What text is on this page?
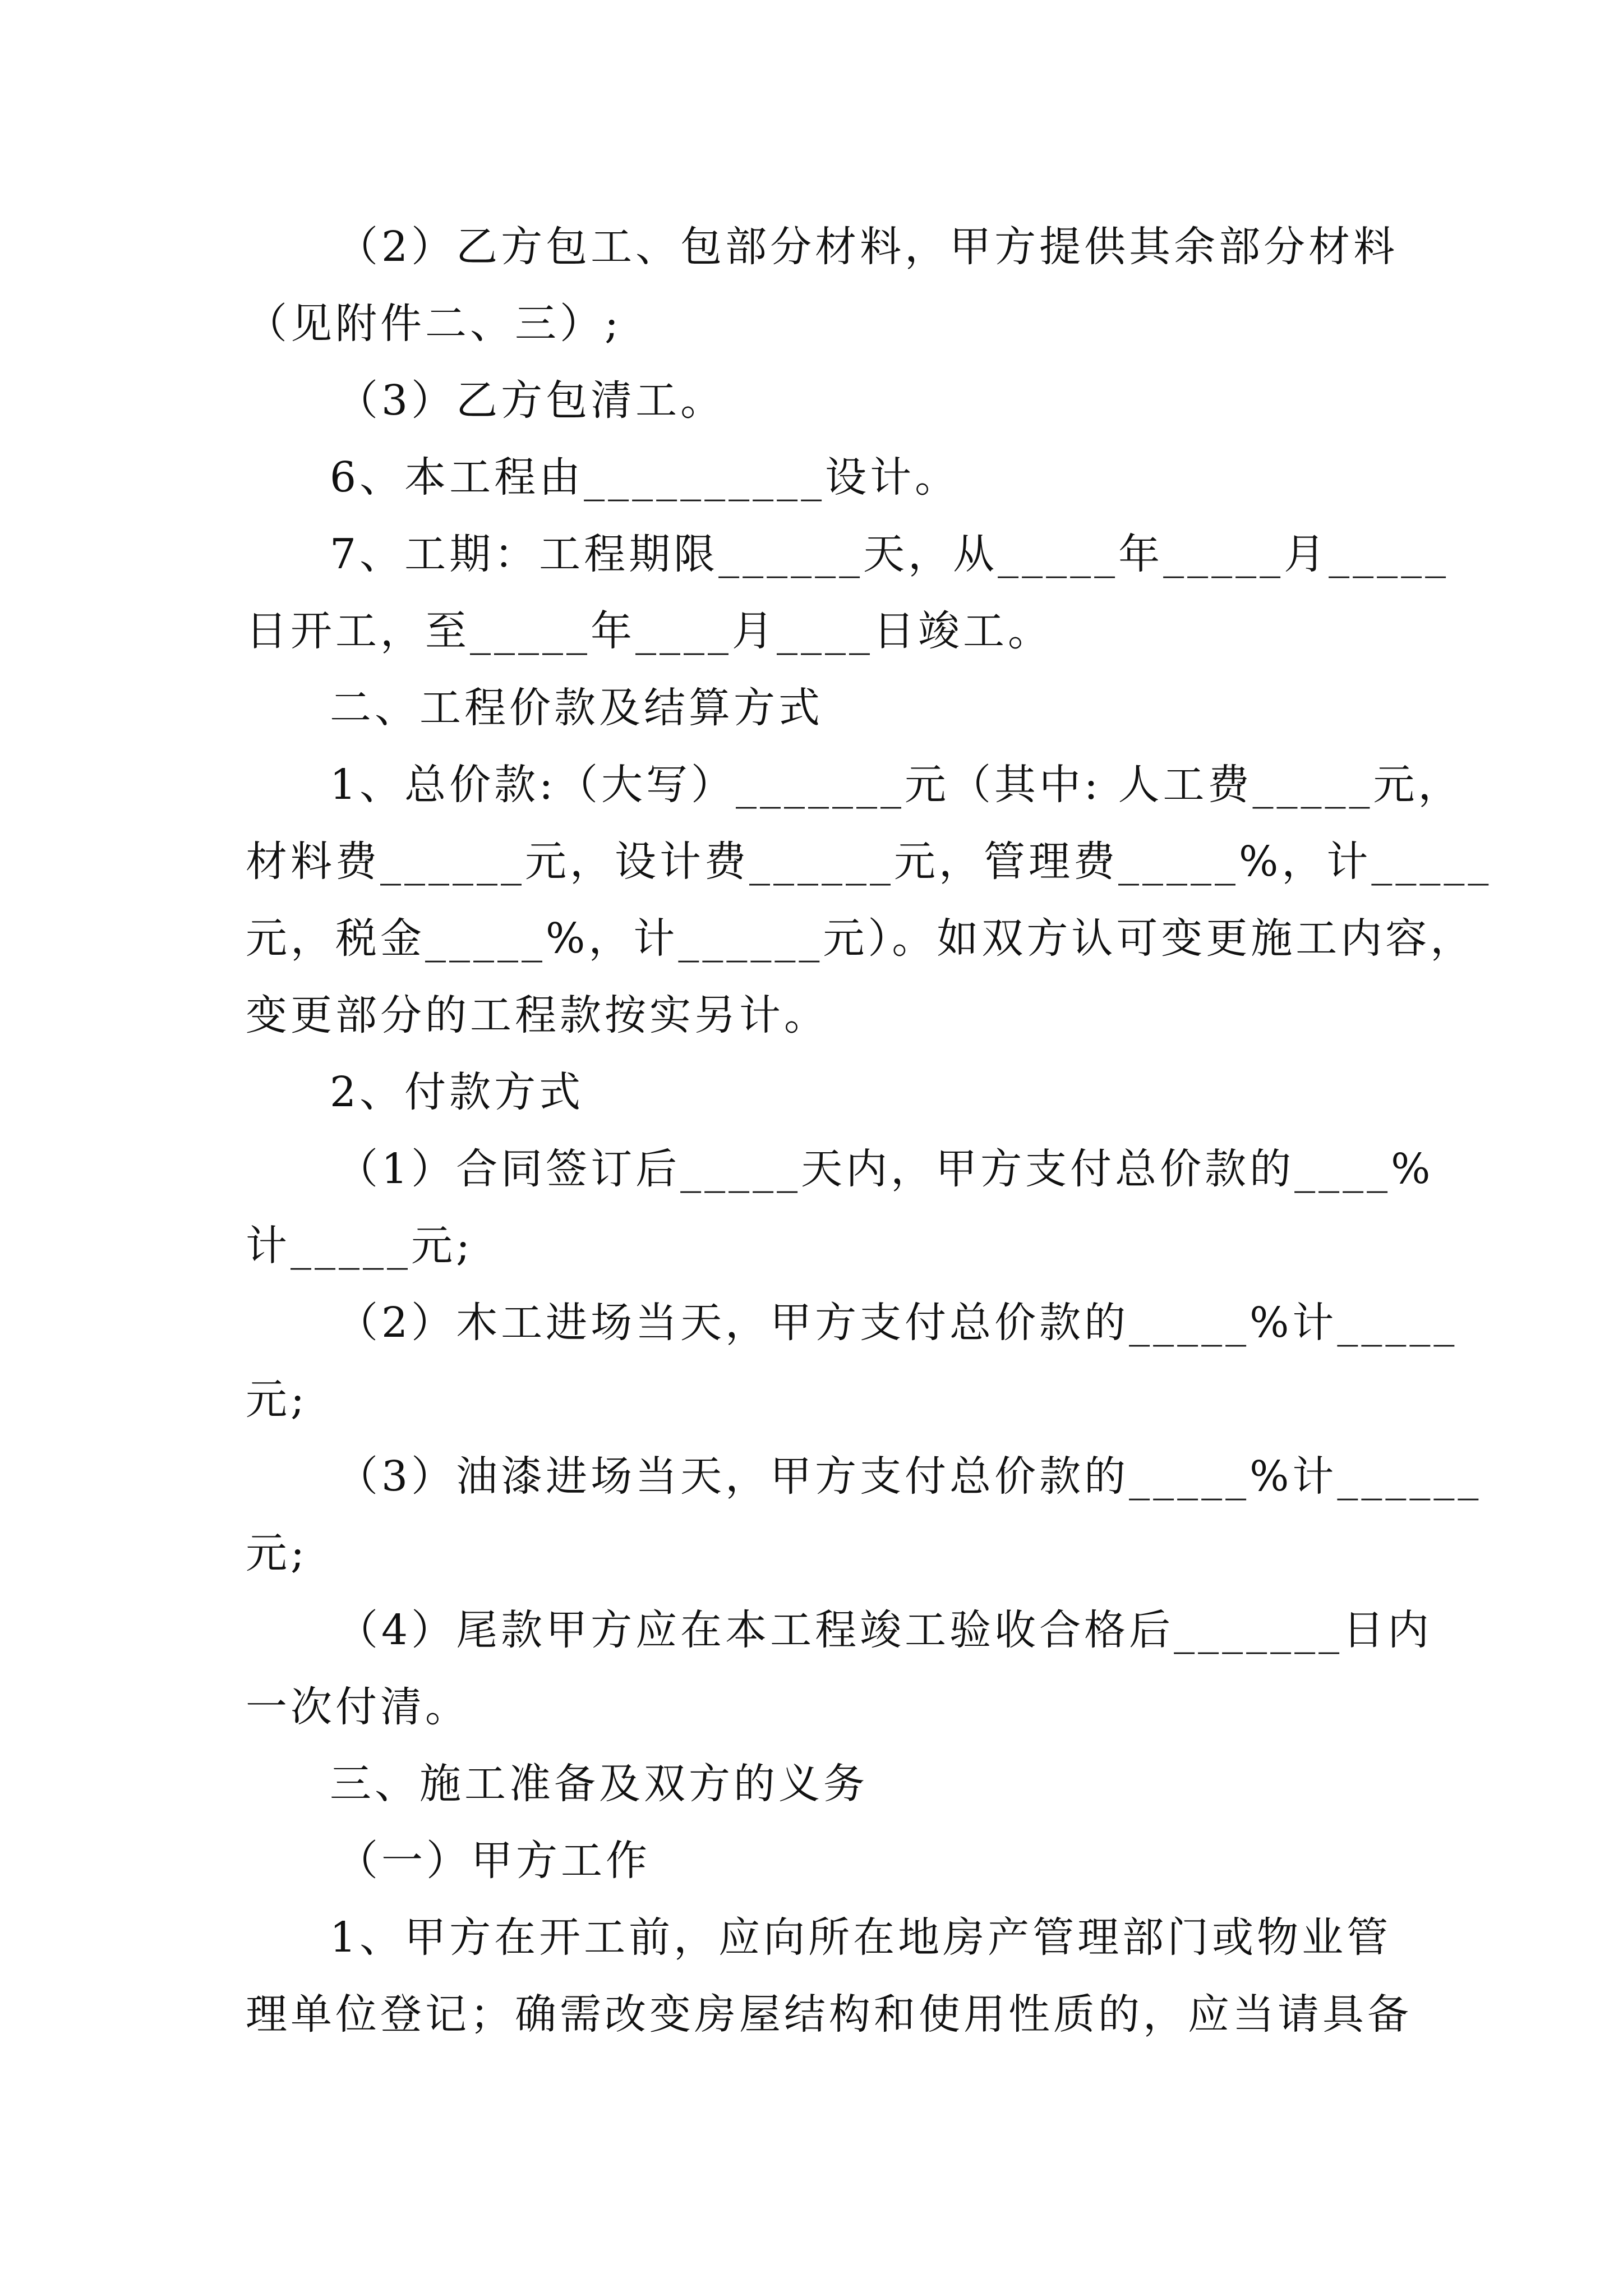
（2）乙方包工、包部分材料，甲方提供其余部分材料
（见附件二、三）;
（3）乙方包清工。
6、本工程由__________设计。
7、工期：工程期限______天，从_____年_____月_____
日开工，至_____年____月____日竣工。
二、工程价款及结算方式
1、总价款:（大写）_______元（其中: 人工费_____元，
材料费______元，设计费______元，管理费_____%，计_____
元，税金_____%，计______元）。如双方认可变更施工内容，
变更部分的工程款按实另计。
2、付款方式
（1）合同签订后_____天内，甲方支付总价款的____%
计_____元;
（2）木工进场当天，甲方支付总价款的_____%计_____
元;
（3）油漆进场当天，甲方支付总价款的_____%计______
元;
（4）尾款甲方应在本工程竣工验收合格后_______日内
一次付清。
三、施工准备及双方的义务
（一）甲方工作
1、甲方在开工前，应向所在地房产管理部门或物业管
理单位登记；确需改变房屋结构和使用性质的，应当请具备
